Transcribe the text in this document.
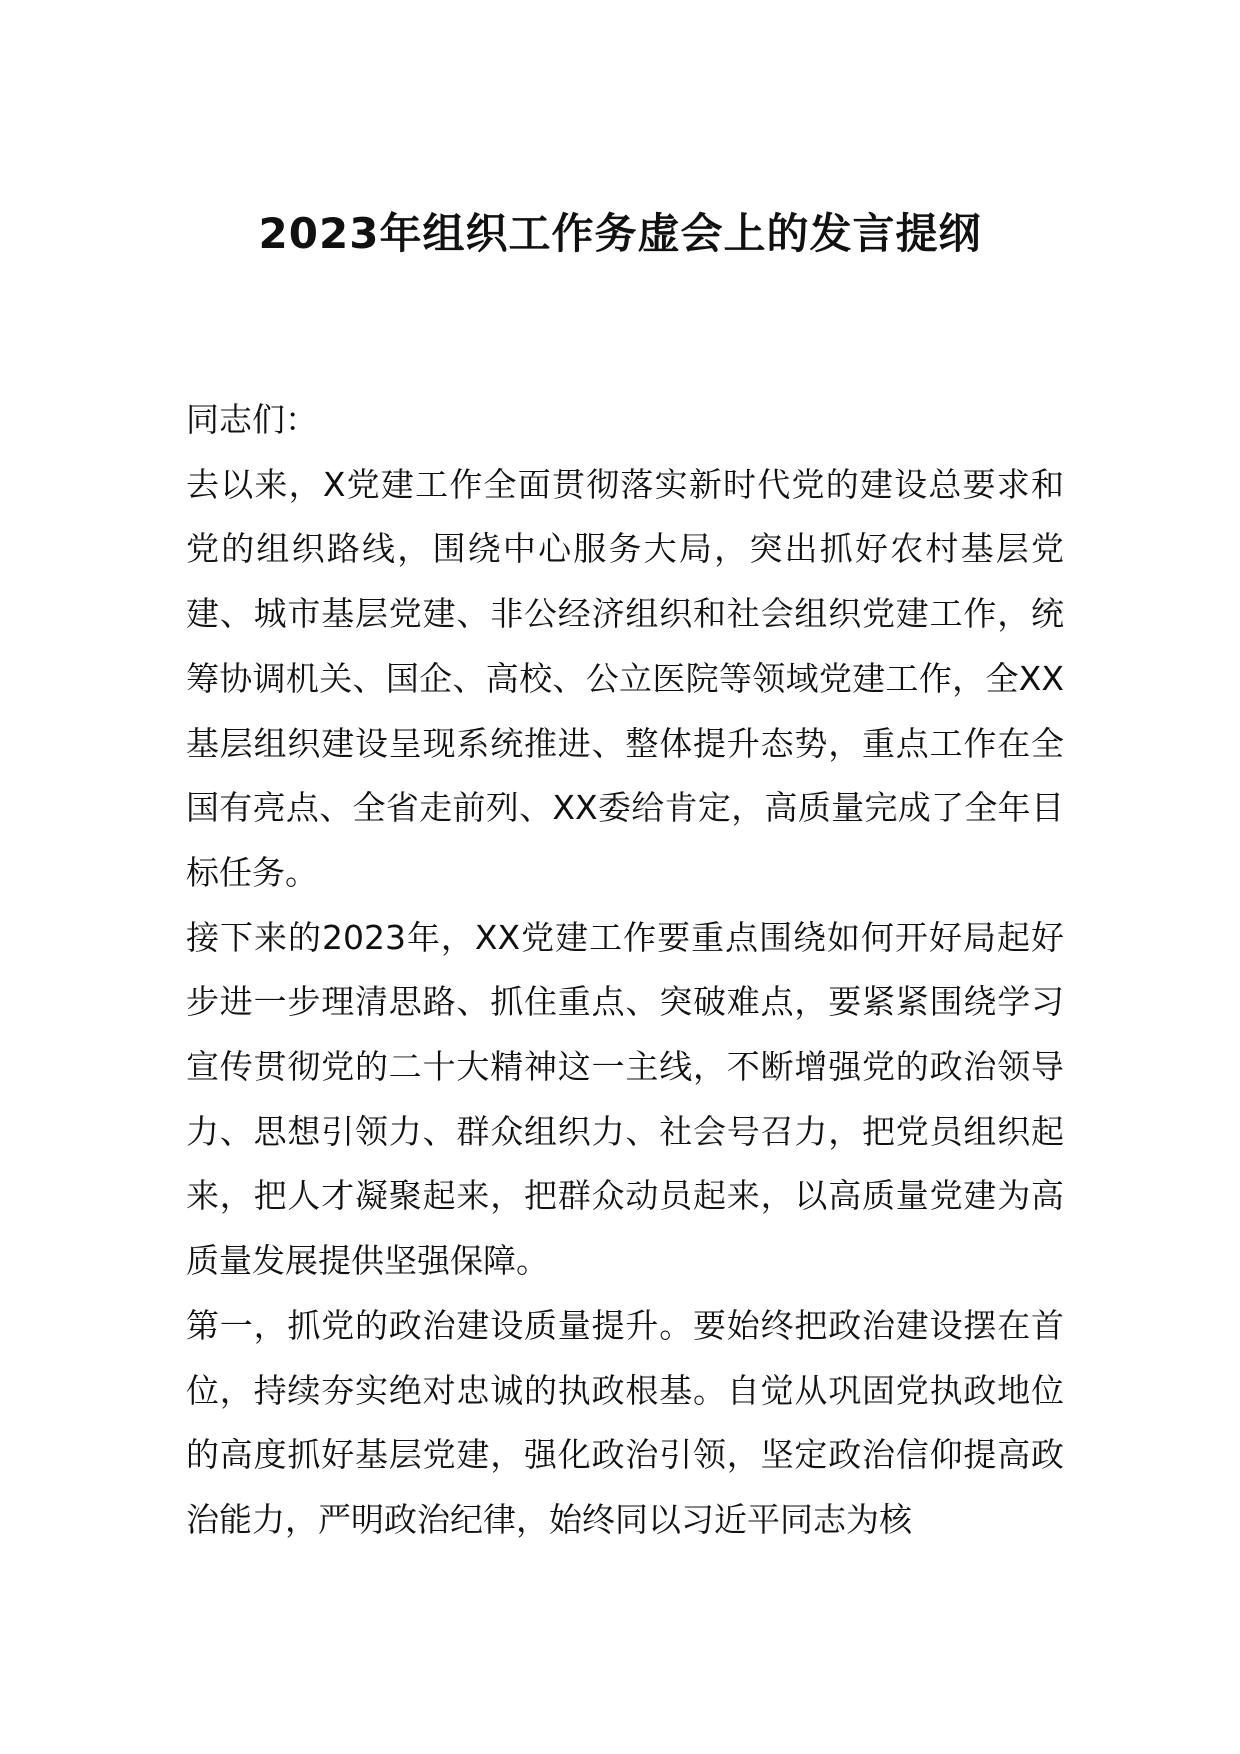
2023年组织工作务虚会上的发言提纲

同志们：

去以来，X党建工作全面贯彻落实新时代党的建设总要求和党的组织路线，围绕中心服务大局，突出抓好农村基层党建、城市基层党建、非公经济组织和社会组织党建工作，统筹协调机关、国企、高校、公立医院等领域党建工作，全XX基层组织建设呈现系统推进、整体提升态势，重点工作在全国有亮点、全省走前列、XX委给肯定，高质量完成了全年目标任务。

接下来的2023年，XX党建工作要重点围绕如何开好局起好步进一步理清思路、抓住重点、突破难点，要紧紧围绕学习宣传贯彻党的二十大精神这一主线，不断增强党的政治领导力、思想引领力、群众组织力、社会号召力，把党员组织起来，把人才凝聚起来，把群众动员起来，以高质量党建为高质量发展提供坚强保障。

第一，抓党的政治建设质量提升。要始终把政治建设摆在首位，持续夯实绝对忠诚的执政根基。自觉从巩固党执政地位的高度抓好基层党建，强化政治引领，坚定政治信仰提高政治能力，严明政治纪律，始终同以习近平同志为核
